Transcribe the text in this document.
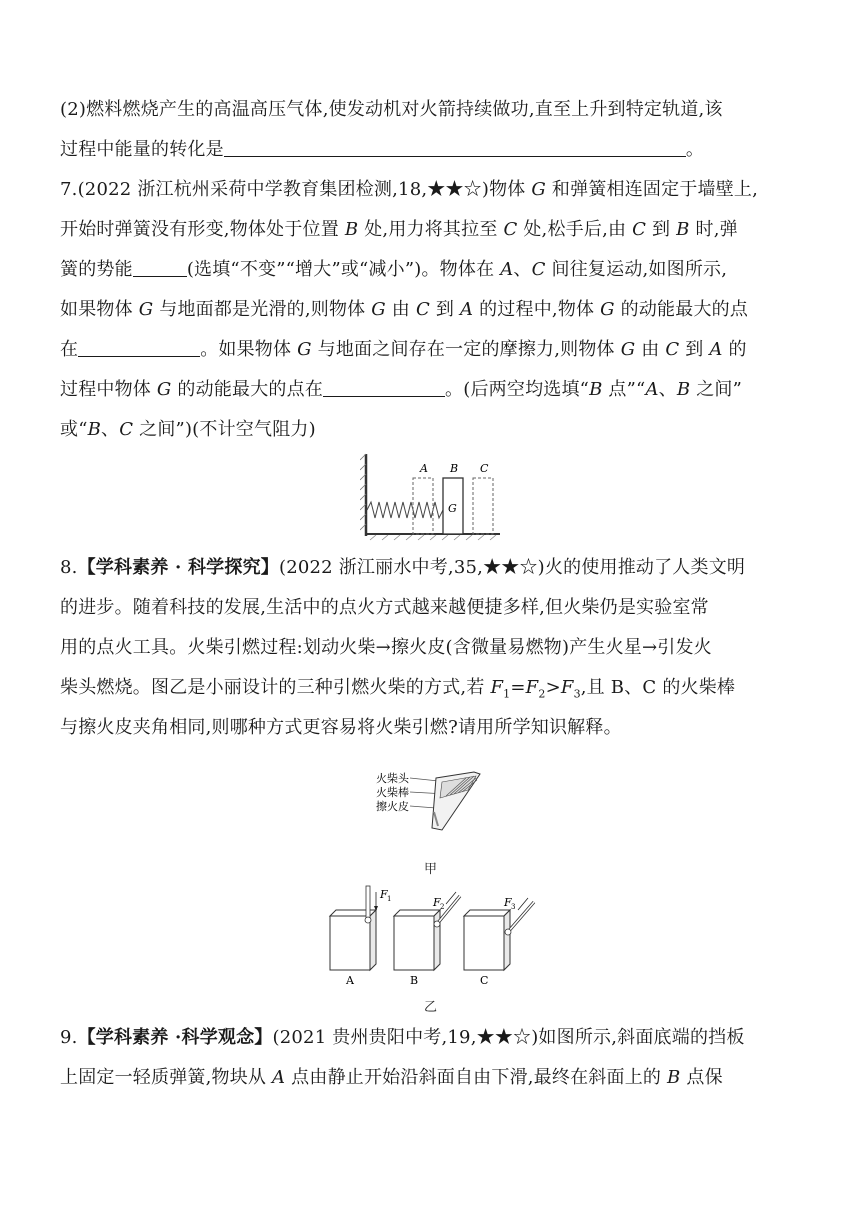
(2)燃料燃烧产生的高温高压气体,使发动机对火箭持续做功,直至上升到特定轨道,该
过程中能量的转化是	。
7.(2022 浙江杭州采荷中学教育集团检测,18,★★☆)物体 G 和弹簧相连固定于墙壁上,
开始时弹簧没有形变,物体处于位置 B 处,用力将其拉至 C 处,松手后,由 C 到 B 时,弹
簧的势能	(选填“不变”“增大”或“减小”)。物体在 A、C 间往复运动,如图所示,
如果物体 G 与地面都是光滑的,则物体 G 由 C 到 A 的过程中,物体 G 的动能最大的点
在	。如果物体 G 与地面之间存在一定的摩擦力,则物体 G 由 C 到 A 的
过程中物体 G 的动能最大的点在	。(后两空均选填“B 点”“A、B 之间”
或“B、C 之间”)(不计空气阻力)
A B C
G
8.【学科素养 · 科学探究】(2022 浙江丽水中考,35,★★☆)火的使用推动了人类文明
的进步。随着科技的发展,生活中的点火方式越来越便捷多样,但火柴仍是实验室常
用的点火工具。火柴引燃过程:划动火柴→擦火皮(含微量易燃物)产生火星→引发火
柴头燃烧。图乙是小丽设计的三种引燃火柴的方式,若 $F_1=F_2>F_3$,且 B、C 的火柴棒
与擦火皮夹角相同,则哪种方式更容易将火柴引燃?请用所学知识解释。
火柴头
火柴棒
擦火皮
甲
F 1	F 2	F 3
A	B	C
乙
9.【学科素养 ·科学观念】(2021 贵州贵阳中考,19,★★☆)如图所示,斜面底端的挡板
上固定一轻质弹簧,物块从 A 点由静止开始沿斜面自由下滑,最终在斜面上的 B 点保
